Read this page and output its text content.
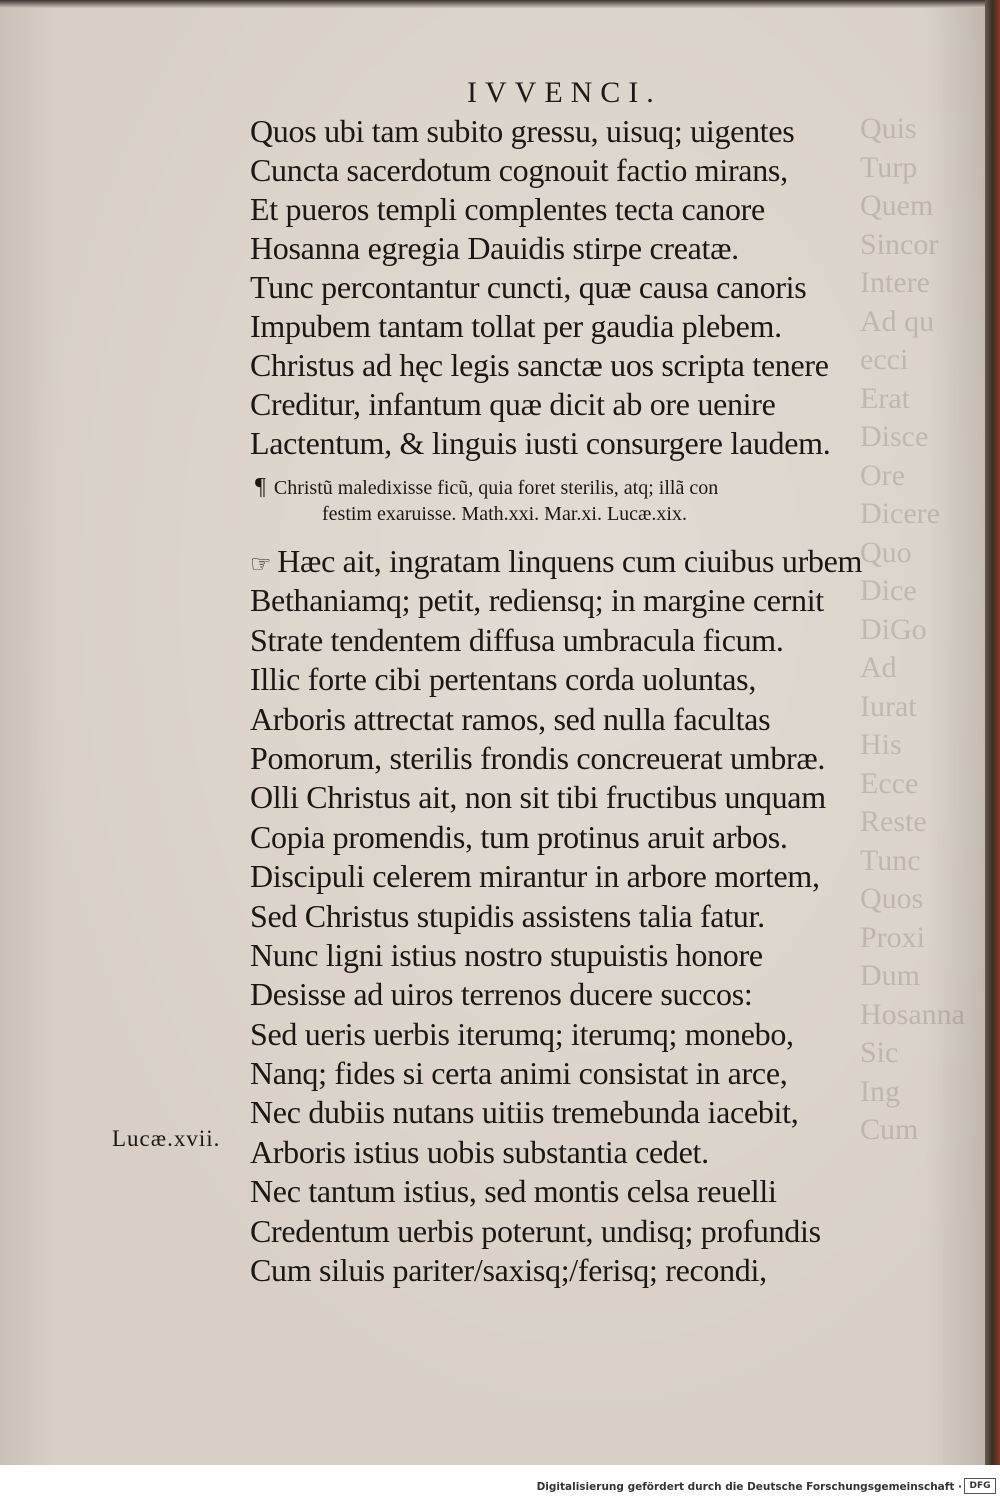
Quis
Turp
Quem
Sincor
Intere
Ad qu
ecci
Erat
Disce
Ore
Dicere
Quo
Dice
DiGo
Ad
Iurat
His
Ecce
Reste
Tunc
Quos
Proxi
Dum
Hosanna
Sic
Ing
Cum
IVVENCI.
Quos ubi tam subito gressu, uisuq; uigentes
Cuncta sacerdotum cognouit factio mirans,
Et pueros templi complentes tecta canore
Hosanna egregia Dauidis stirpe creatæ.
Tunc percontantur cuncti, quæ causa canoris
Impubem tantam tollat per gaudia plebem.
Christus ad hęc legis sanctæ uos scripta tenere
Creditur, infantum quæ dicit ab ore uenire
Lactentum, & linguis iusti consurgere laudem.
¶ Christũ maledixisse ficũ, quia foret sterilis, atq; illã con
festim exaruisse. Math.xxi. Mar.xi. Lucæ.xix.
☞ Hæc ait, ingratam linquens cum ciuibus urbem
Bethaniamq; petit, rediensq; in margine cernit
Strate tendentem diffusa umbracula ficum.
Illic forte cibi pertentans corda uoluntas,
Arboris attrectat ramos, sed nulla facultas
Pomorum, sterilis frondis concreuerat umbræ.
Olli Christus ait, non sit tibi fructibus unquam
Copia promendis, tum protinus aruit arbos.
Discipuli celerem mirantur in arbore mortem,
Sed Christus stupidis assistens talia fatur.
Nunc ligni istius nostro stupuistis honore
Desisse ad uiros terrenos ducere succos:
Sed ueris uerbis iterumq; iterumq; monebo,
Nanq; fides si certa animi consistat in arce,
Nec dubiis nutans uitiis tremebunda iacebit,
Arboris istius uobis substantia cedet.
Nec tantum istius, sed montis celsa reuelli
Credentum uerbis poterunt, undisq; profundis
Cum siluis pariter/saxisq;/ferisq; recondi,
Lucæ.xvii.
Digitalisierung gefördert durch die Deutsche Forschungsgemeinschaft · DFG
